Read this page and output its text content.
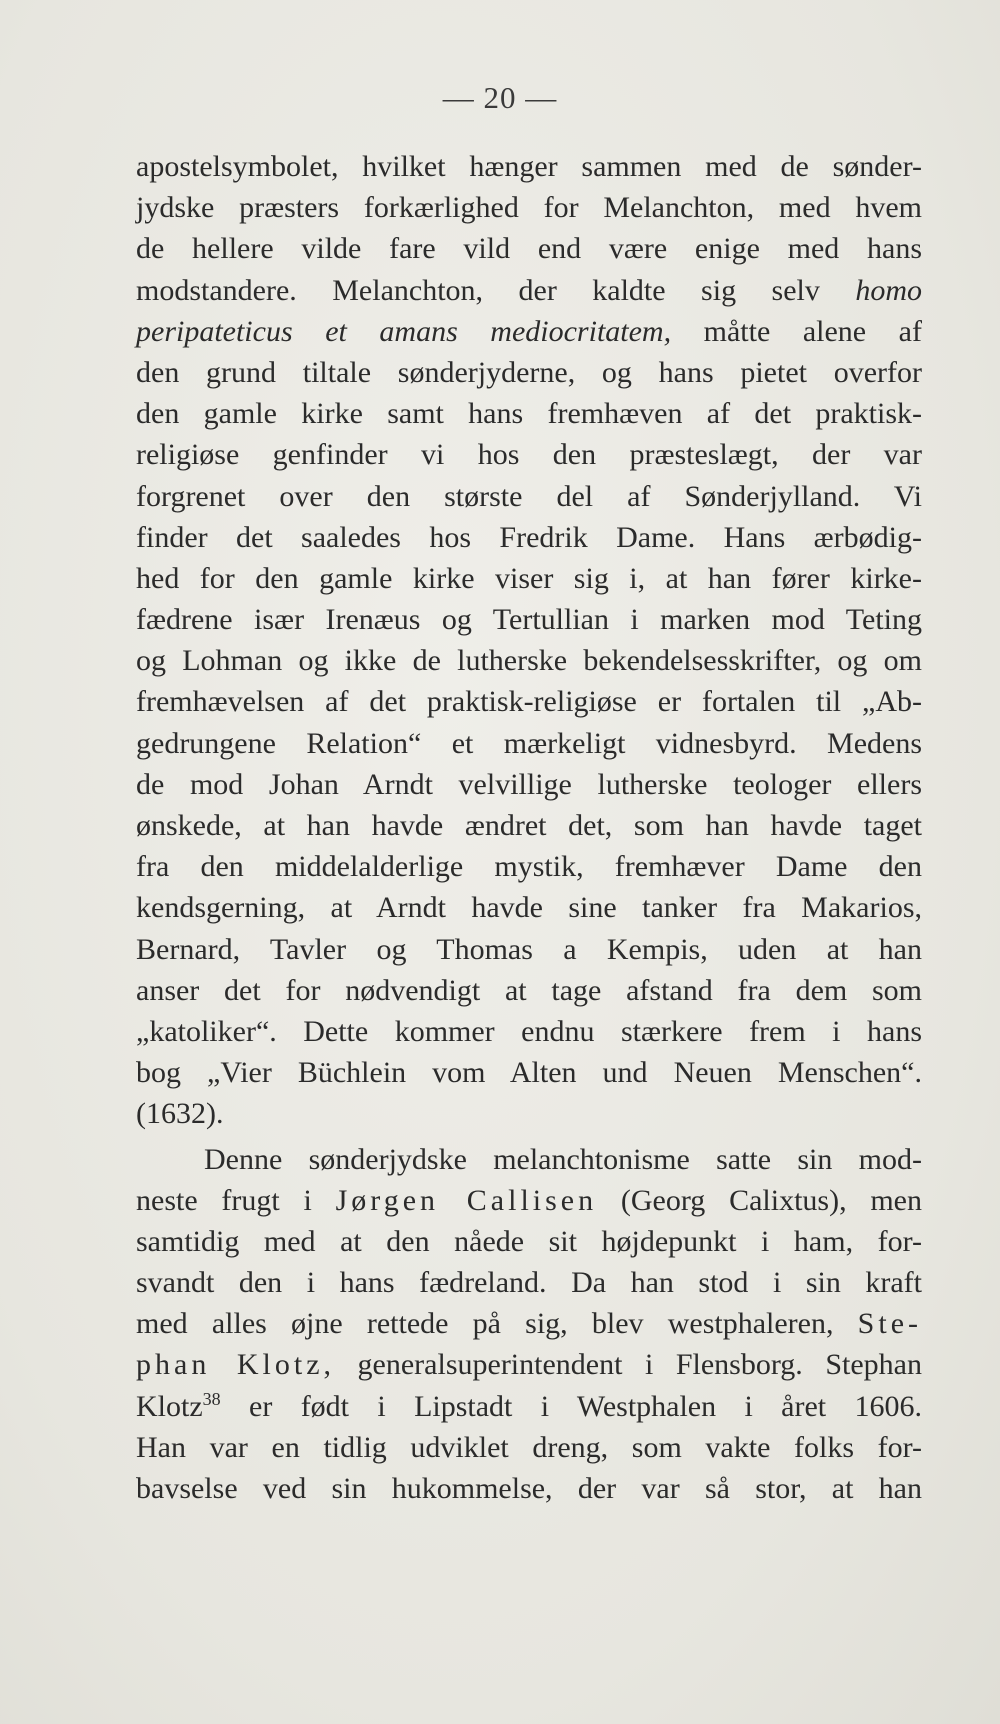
— 20 —
apostelsymbolet, hvilket hænger sammen med de sønder-
jydske præsters forkærlighed for Melanchton, med hvem
de hellere vilde fare vild end være enige med hans
modstandere. Melanchton, der kaldte sig selv homo
peripateticus et amans mediocritatem, måtte alene af
den grund tiltale sønderjyderne, og hans pietet overfor
den gamle kirke samt hans fremhæven af det praktisk-
religiøse genfinder vi hos den præsteslægt, der var
forgrenet over den største del af Sønderjylland. Vi
finder det saaledes hos Fredrik Dame. Hans ærbødig-
hed for den gamle kirke viser sig i, at han fører kirke-
fædrene især Irenæus og Tertullian i marken mod Teting
og Lohman og ikke de lutherske bekendelsesskrifter, og om
fremhævelsen af det praktisk-religiøse er fortalen til „Ab-
gedrungene Relation“ et mærkeligt vidnesbyrd. Medens
de mod Johan Arndt velvillige lutherske teologer ellers
ønskede, at han havde ændret det, som han havde taget
fra den middelalderlige mystik, fremhæver Dame den
kendsgerning, at Arndt havde sine tanker fra Makarios,
Bernard, Tavler og Thomas a Kempis, uden at han
anser det for nødvendigt at tage afstand fra dem som
„katoliker“. Dette kommer endnu stærkere frem i hans
bog „Vier Büchlein vom Alten und Neuen Menschen“.
(1632).
Denne sønderjydske melanchtonisme satte sin mod-
neste frugt i Jørgen Callisen (Georg Calixtus), men
samtidig med at den nåede sit højdepunkt i ham, for-
svandt den i hans fædreland. Da han stod i sin kraft
med alles øjne rettede på sig, blev westphaleren, Ste-
phan Klotz, generalsuperintendent i Flensborg. Stephan
Klotz$^{38}$ er født i Lipstadt i Westphalen i året 1606.
Han var en tidlig udviklet dreng, som vakte folks for-
bavselse ved sin hukommelse, der var så stor, at han
